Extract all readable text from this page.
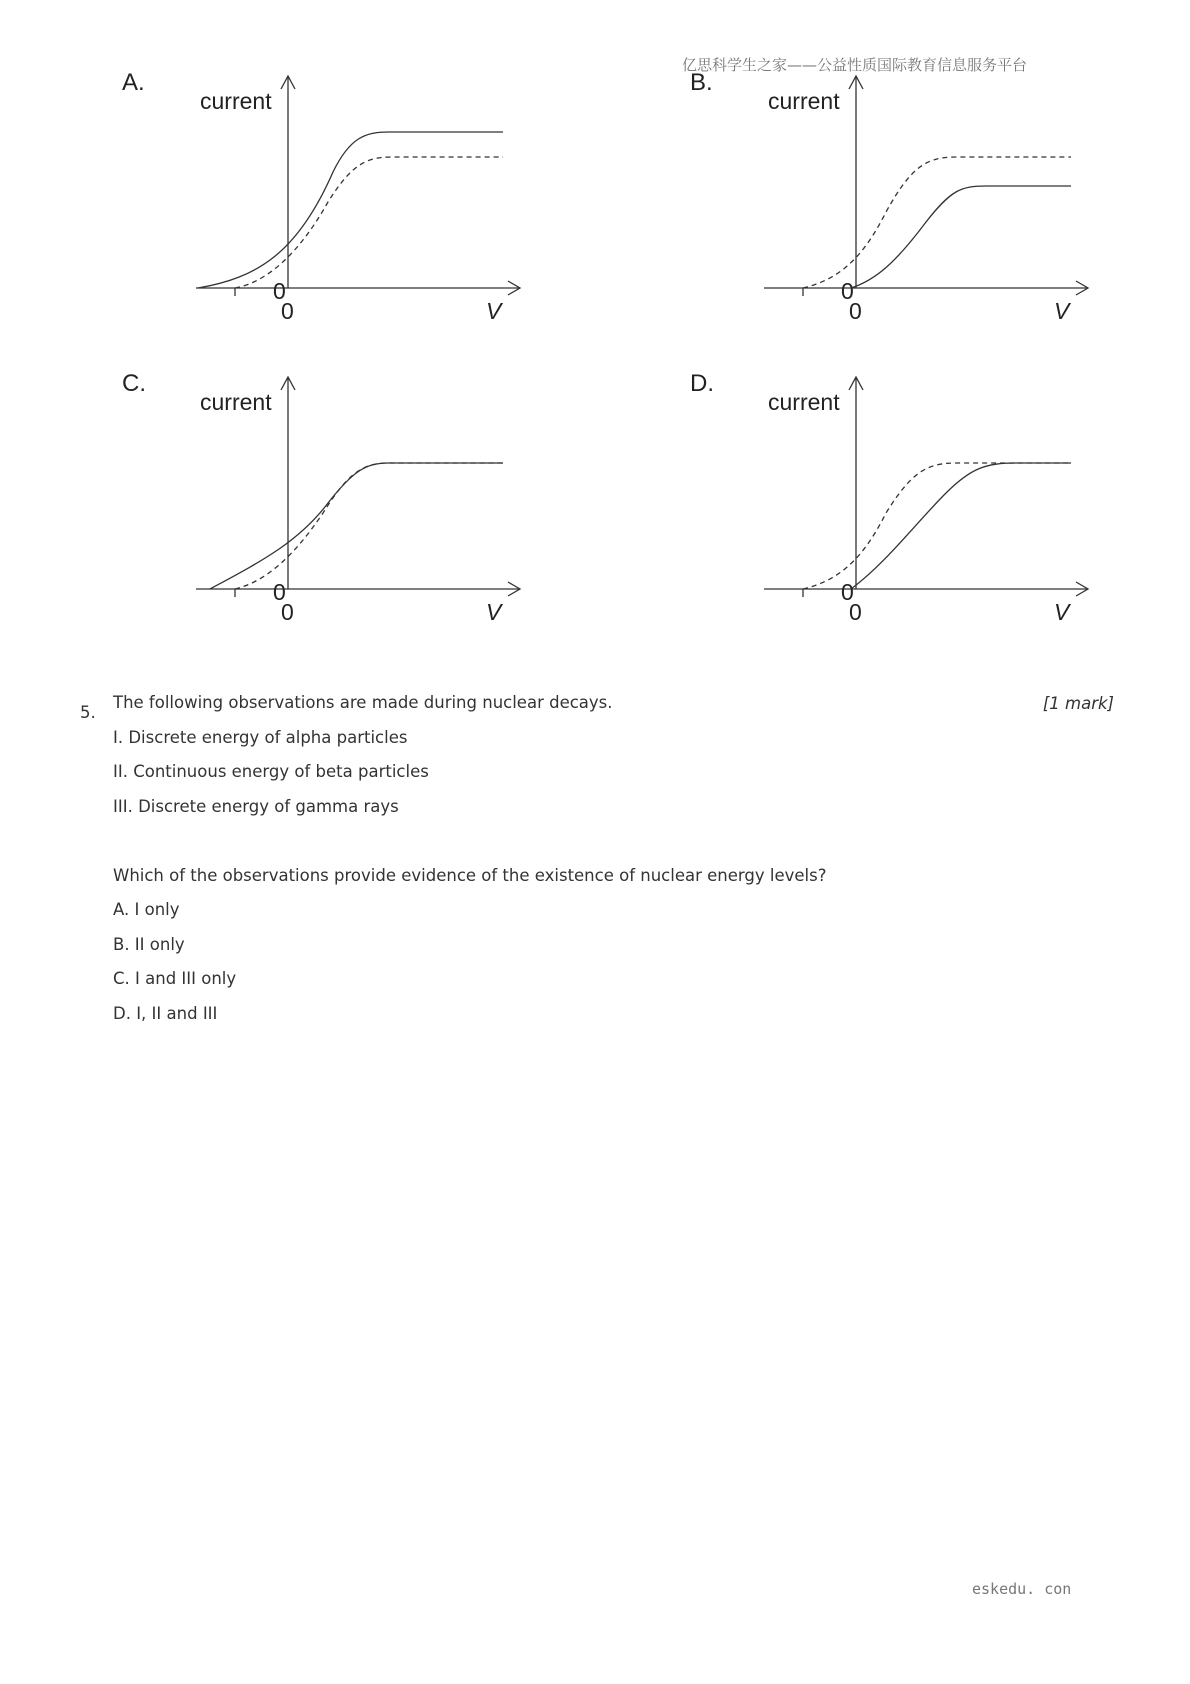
亿思科学生之家——公益性质国际教育信息服务平台
A.
current
0
0	V
B.
current
0
0	V
C.
current
0
0	V
D.
current
0
0	V
5.	[1 mark]
The following observations are made during nuclear decays.
I. Discrete energy of alpha particles
II. Continuous energy of beta particles
III. Discrete energy of gamma rays
Which of the observations provide evidence of the existence of nuclear energy levels?
A. I only
B. II only
C. I and III only
D. I, II and III
eskedu. con
